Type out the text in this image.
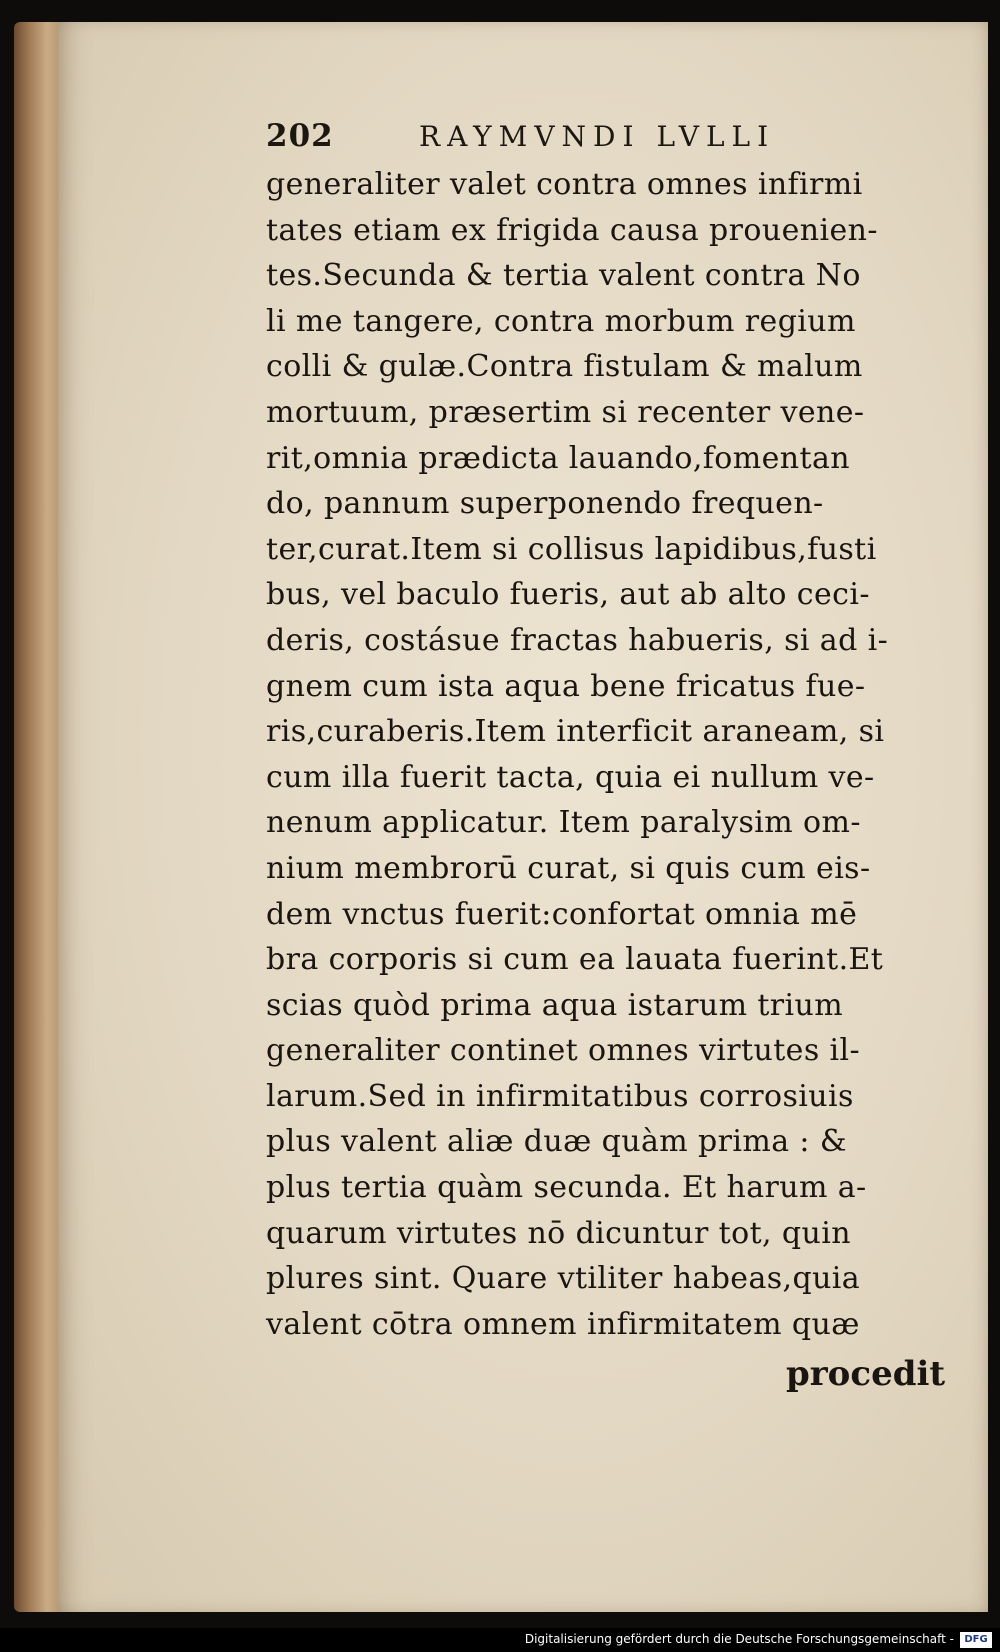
202	RAYMVNDI LVLLI
generaliter valet contra omnes infirmi
tates etiam ex frigida causa prouenien-
tes.Secunda & tertia valent contra No
li me tangere, contra morbum regium
colli & gulæ.Contra fistulam & malum
mortuum, præsertim si recenter vene-
rit,omnia prædicta lauando,fomentan
do, pannum superponendo frequen-
ter,curat.Item si collisus lapidibus,fusti
bus, vel baculo fueris, aut ab alto ceci-
deris, costásue fractas habueris, si ad i-
gnem cum ista aqua bene fricatus fue-
ris,curaberis.Item interficit araneam, si
cum illa fuerit tacta, quia ei nullum ve-
nenum applicatur. Item paralysim om-
nium membrorū curat, si quis cum eis-
dem vnctus fuerit:confortat omnia mē
bra corporis si cum ea lauata fuerint.Et
scias quòd prima aqua istarum trium
generaliter continet omnes virtutes il-
larum.Sed in infirmitatibus corrosiuis
plus valent aliæ duæ quàm prima : &
plus tertia quàm secunda. Et harum a-
quarum virtutes nō dicuntur tot, quin
plures sint. Quare vtiliter habeas,quia
valent cōtra omnem infirmitatem quæ
procedit
Digitalisierung gefördert durch die Deutsche Forschungsgemeinschaft -	DFG
